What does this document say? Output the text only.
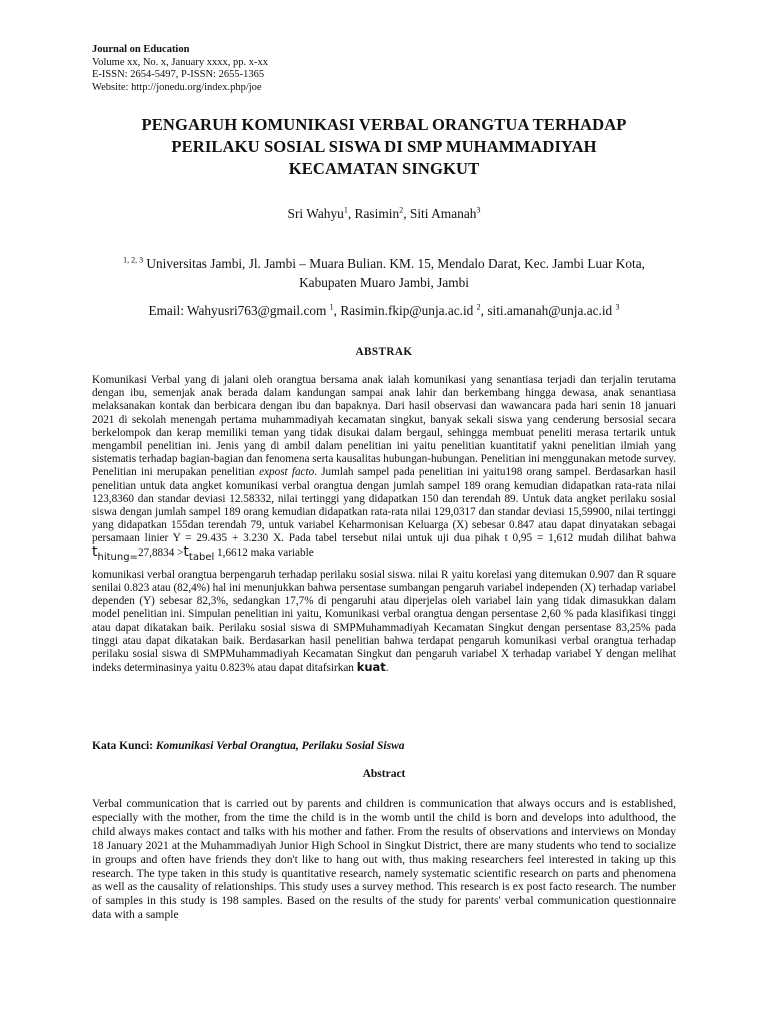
Journal on Education
Volume xx, No. x, January xxxx, pp. x-xx
E-ISSN: 2654-5497, P-ISSN: 2655-1365
Website: http://jonedu.org/index.php/joe
PENGARUH KOMUNIKASI VERBAL ORANGTUA TERHADAP
PERILAKU SOSIAL SISWA DI SMP MUHAMMADIYAH
KECAMATAN SINGKUT
Sri Wahyu$^1$, Rasimin$^2$, Siti Amanah$^3$
$^{1, 2, 3}$ Universitas Jambi, Jl. Jambi – Muara Bulian. KM. 15, Mendalo Darat, Kec. Jambi Luar Kota,
Kabupaten Muaro Jambi, Jambi
Email: Wahyusri763@gmail.com $^1$, Rasimin.fkip@unja.ac.id $^2$, siti.amanah@unja.ac.id $^3$
ABSTRAK

Komunikasi Verbal yang di jalani oleh orangtua bersama anak ialah komunikasi yang senantiasa terjadi dan terjalin terutama dengan ibu, semenjak anak berada dalam kandungan sampai anak lahir dan berkembang hingga dewasa, anak senantiasa melaksanakan kontak dan berbicara dengan ibu dan bapaknya. Dari hasil observasi dan wawancara pada hari senin 18 januari 2021 di sekolah menengah pertama muhammadiyah kecamatan singkut, banyak sekali siswa yang cenderung bersosial secara berkelompok dan kerap memiliki teman yang tidak disukai dalam bergaul, sehingga membuat peneliti merasa tertarik untuk mengambil penelitian ini. Jenis yang di ambil dalam penelitian ini yaitu penelitian kuantitatif yakni penelitian ilmiah yang sistematis terhadap bagian-bagian dan fenomena serta kausalitas hubungan-hubungan. Penelitian ini menggunakan metode survey. Penelitian ini merupakan penelitian expost facto. Jumlah sampel pada penelitian ini yaitu198 orang sampel. Berdasarkan hasil penelitian untuk data angket komunikasi verbal orangtua dengan jumlah sampel 189 orang kemudian didapatkan rata-rata nilai 123,8360 dan standar deviasi 12.58332, nilai tertinggi yang didapatkan 150 dan terendah 89. Untuk data angket perilaku sosial siswa dengan jumlah sampel 189 orang kemudian didapatkan rata-rata nilai 129,0317 dan standar deviasi 15,59900, nilai tertinggi yang didapatkan 155dan terendah 79, untuk variabel Keharmonisan Keluarga (X) sebesar 0.847 atau dapat dinyatakan sebagai persamaan linier Y = 29.435 + 3.230 X. Pada tabel tersebut nilai untuk uji dua pihak t 0,95 = 1,612 mudah dilihat bahwa thitung=27,8834 >ttabel 1,6612 maka variable

komunikasi verbal orangtua berpengaruh terhadap perilaku sosial siswa. nilai R yaitu korelasi yang ditemukan 0.907 dan R square senilai 0.823 atau (82,4%) hal ini menunjukkan bahwa persentase sumbangan pengaruh variabel independen (X) terhadap variabel dependen (Y) sebesar 82,3%, sedangkan 17,7% di pengaruhi atau diperjelas oleh variabel lain yang tidak dimasukkan dalam model penelitian ini. Simpulan penelitian ini yaitu, Komunikasi verbal orangtua dengan persentase 2,60 % pada klasifikasi tinggi atau dapat dikatakan baik. Perilaku sosial siswa di SMPMuhammadiyah Kecamatan Singkut dengan persentase 83,25% pada tinggi atau dapat dikatakan baik. Berdasarkan hasil penelitian bahwa terdapat pengaruh komunikasi verbal orangtua terhadap perilaku sosial siswa di SMPMuhammadiyah Kecamatan Singkut dan pengaruh variabel X terhadap variabel Y dengan melihat indeks determinasinya yaitu 0.823% atau dapat ditafsirkan kuat.

Kata Kunci: Komunikasi Verbal Orangtua, Perilaku Sosial Siswa
Abstract

Verbal communication that is carried out by parents and children is communication that always occurs and is established, especially with the mother, from the time the child is in the womb until the child is born and develops into adulthood, the child always makes contact and talks with his mother and father. From the results of observations and interviews on Monday 18 January 2021 at the Muhammadiyah Junior High School in Singkut District, there are many students who tend to socialize in groups and often have friends they don't like to hang out with, thus making researchers feel interested in taking up this research. The type taken in this study is quantitative research, namely systematic scientific research on parts and phenomena as well as the causality of relationships. This study uses a survey method. This research is ex post facto research. The number of samples in this study is 198 samples. Based on the results of the study for parents' verbal communication questionnaire data with a sample
